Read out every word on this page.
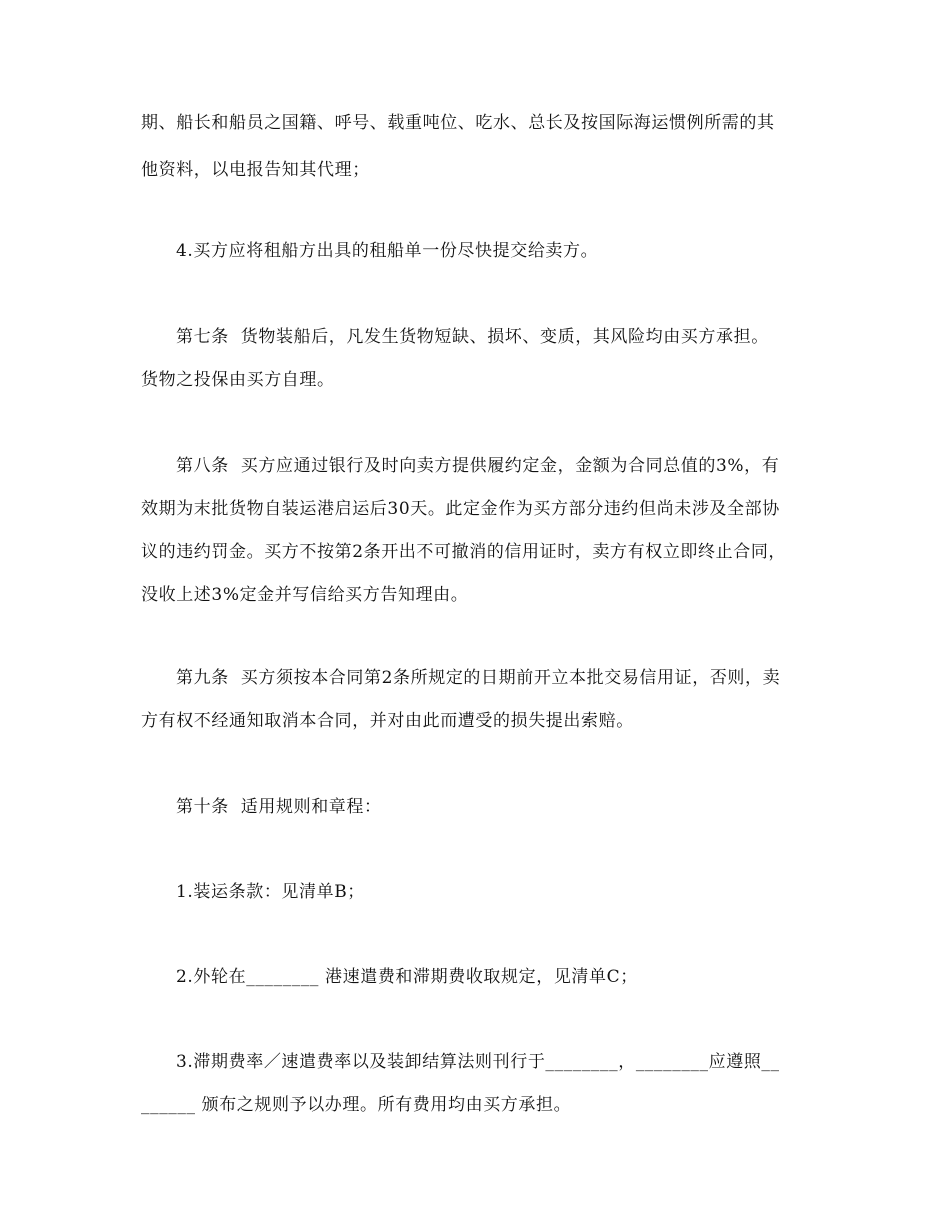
期、船长和船员之国籍、呼号、载重吨位、吃水、总长及按国际海运惯例所需的其

他资料，以电报告知其代理；

4.买方应将租船方出具的租船单一份尽快提交给卖方。

第七条  货物装船后，凡发生货物短缺、损坏、变质，其风险均由买方承担。

货物之投保由买方自理。

第八条  买方应通过银行及时向卖方提供履约定金，金额为合同总值的3%，有

效期为末批货物自装运港启运后30天。此定金作为买方部分违约但尚未涉及全部协

议的违约罚金。买方不按第2条开出不可撤消的信用证时，卖方有权立即终止合同，

没收上述3%定金并写信给买方告知理由。

第九条  买方须按本合同第2条所规定的日期前开立本批交易信用证，否则，卖

方有权不经通知取消本合同，并对由此而遭受的损失提出索赔。

第十条  适用规则和章程：

1.装运条款：见清单B；

2.外轮在________ 港速遣费和滞期费收取规定，见清单C；

3.滞期费率／速遣费率以及装卸结算法则刊行于________，________应遵照__

______ 颁布之规则予以办理。所有费用均由买方承担。
